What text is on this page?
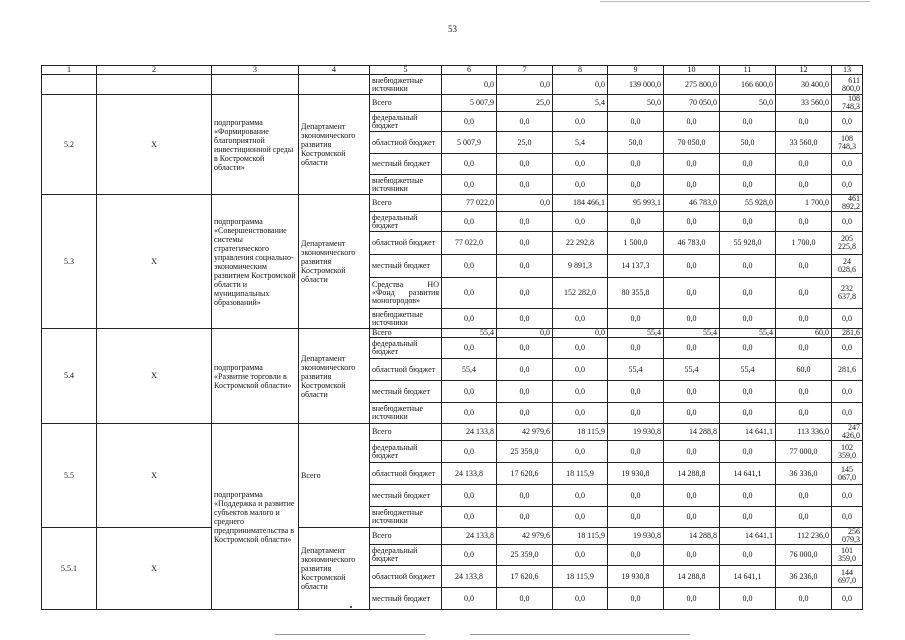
53
1	2	3	4	5	6	7	8	9	10	11	12	13
				внебюджетные источники	0,0	0,0	0,0	139 000,0	275 800,0	166 600,0	30 400,0	611 800,0
5.2	Х	подпрограмма «Формирование благоприятной инвестиционной среды в Костромской области»	Департамент экономического развития Костромской области	Всего	5 007,9	25,0	5,4	50,0	70 050,0	50,0	33 560,0	108 748,3
				федеральный бюджет	0,0	0,0	0,0	0,0	0,0	0,0	0,0	0,0
				областной бюджет	5 007,9	25,0	5,4	50,0	70 050,0	50,0	33 560,0	108 748,3
				местный бюджет	0,0	0,0	0,0	0,0	0,0	0,0	0,0	0,0
				внебюджетные источники	0,0	0,0	0,0	0,0	0,0	0,0	0,0	0,0
5.3	Х	подпрограмма «Совершенствование системы стратегического управления социально-экономическим развитием Костромской области и муниципальных образований»	Департамент экономического развития Костромской области	Всего	77 022,0	0,0	184 466,1	95 993,1	46 783,0	55 928,0	1 700,0	461 892,2
				федеральный бюджет	0,0	0,0	0,0	0,0	0,0	0,0	0,0	0,0
				областной бюджет	77 022,0	0,0	22 292,8	1 500,0	46 783,0	55 928,0	1 700,0	205 225,8
				местный бюджет	0,0	0,0	9 891,3	14 137,3	0,0	0,0	0,0	24 028,6
				Средства НО «Фонд развития моногородов»	0,0	0,0	152 282,0	80 355,8	0,0	0,0	0,0	232 637,8
				внебюджетные источники	0,0	0,0	0,0	0,0	0,0	0,0	0,0	0,0
5.4	Х	подпрограмма «Развитие торговли в Костромской области»	Департамент экономического развития Костромской области	Всего	55,4	0,0	0,0	55,4	55,4	55,4	60,0	281,6
				федеральный бюджет	0,0	0,0	0,0	0,0	0,0	0,0	0,0	0,0
				областной бюджет	55,4	0,0	0,0	55,4	55,4	55,4	60,0	281,6
				местный бюджет	0,0	0,0	0,0	0,0	0,0	0,0	0,0	0,0
				внебюджетные источники	0,0	0,0	0,0	0,0	0,0	0,0	0,0	0,0
5.5	Х	подпрограмма «Поддержка и развитие субъектов малого и среднего предпринимательства в Костромской области»	Всего	Всего	24 133,8	42 979,6	18 115,9	19 930,8	14 288,8	14 641,1	113 336,0	247 426,0
				федеральный бюджет	0,0	25 359,0	0,0	0,0	0,0	0,0	77 000,0	102 359,0
				областной бюджет	24 133,8	17 620,6	18 115,9	19 930,8	14 288,8	14 641,1	36 336,0	145 067,0
				местный бюджет	0,0	0,0	0,0	0,0	0,0	0,0	0,0	0,0
				внебюджетные источники	0,0	0,0	0,0	0,0	0,0	0,0	0,0	0,0
5.5.1	Х		Департамент экономического развития Костромской области	Всего	24 133,8	42 979,6	18 115,9	19 930,8	14 288,8	14 641,1	112 236,0	256 079,3
				федеральный бюджет	0,0	25 359,0	0,0	0,0	0,0	0,0	76 000,0	101 359,0
				областной бюджет	24 133,8	17 620,6	18 115,9	19 930,8	14 288,8	14 641,1	36 236,0	144 697,0
				местный бюджет	0,0	0,0	0,0	0,0	0,0	0,0	0,0	0,0
